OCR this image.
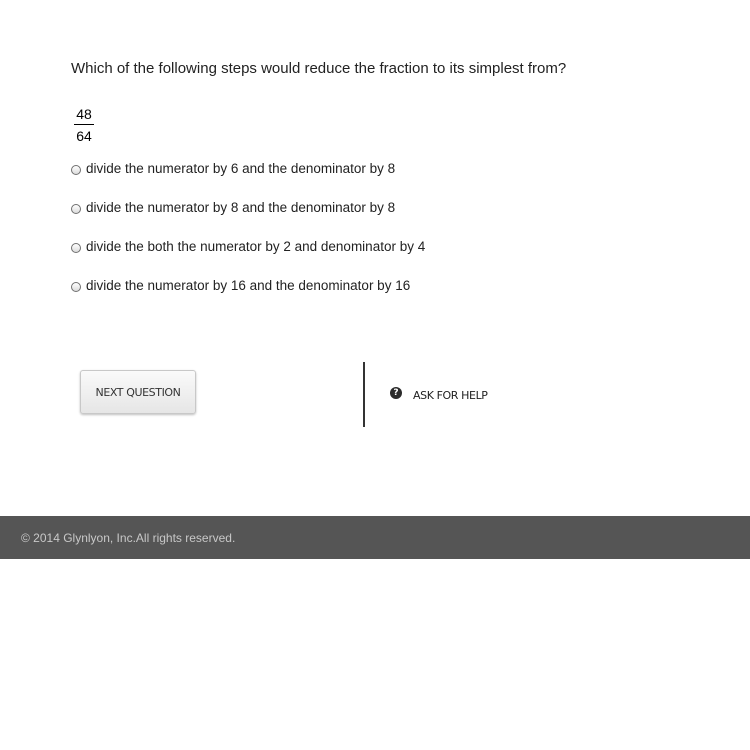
Which of the following steps would reduce the fraction to its simplest from?
48
64
divide the numerator by 6 and the denominator by 8
divide the numerator by 8 and the denominator by 8
divide the both the numerator by 2 and denominator by 4
divide the numerator by 16 and the denominator by 16
NEXT QUESTION	?	ASK FOR HELP
© 2014 Glynlyon, Inc.All rights reserved.
